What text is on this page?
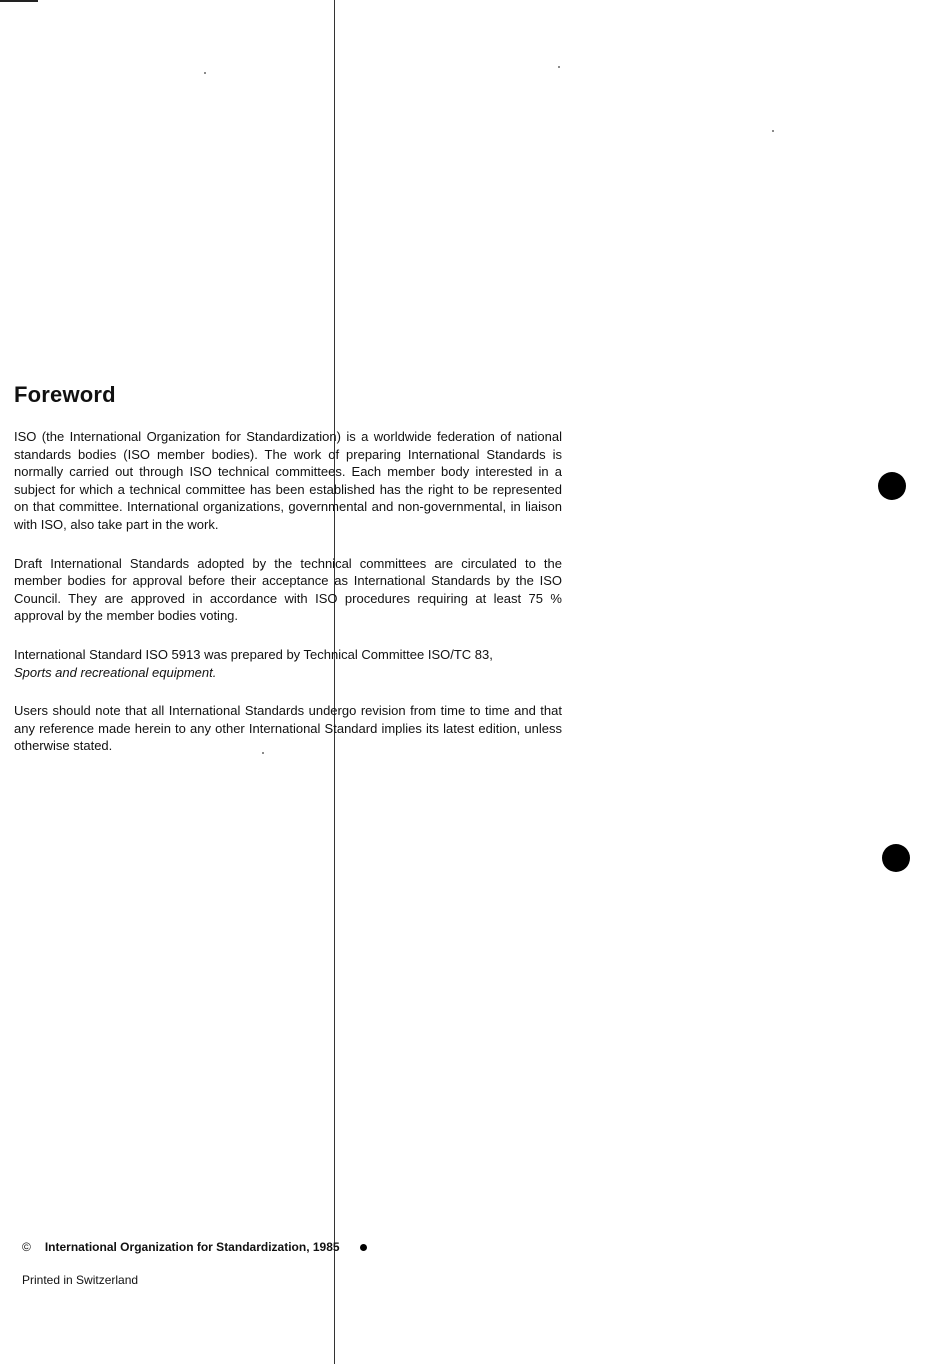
Foreword

ISO (the International Organization for Standardization) is a worldwide federation of national standards bodies (ISO member bodies). The work of preparing International Standards is normally carried out through ISO technical committees. Each member body interested in a subject for which a technical committee has been established has the right to be represented on that committee. International organizations, governmental and non-governmental, in liaison with ISO, also take part in the work.

Draft International Standards adopted by the technical committees are circulated to the member bodies for approval before their acceptance as International Standards by the ISO Council. They are approved in accordance with ISO procedures requiring at least 75 % approval by the member bodies voting.

International Standard ISO 5913 was prepared by Technical Committee ISO/TC 83,
Sports and recreational equipment.

Users should note that all International Standards undergo revision from time to time and that any reference made herein to any other International Standard implies its latest edition, unless otherwise stated.

© International Organization for Standardization, 1985
Printed in Switzerland
